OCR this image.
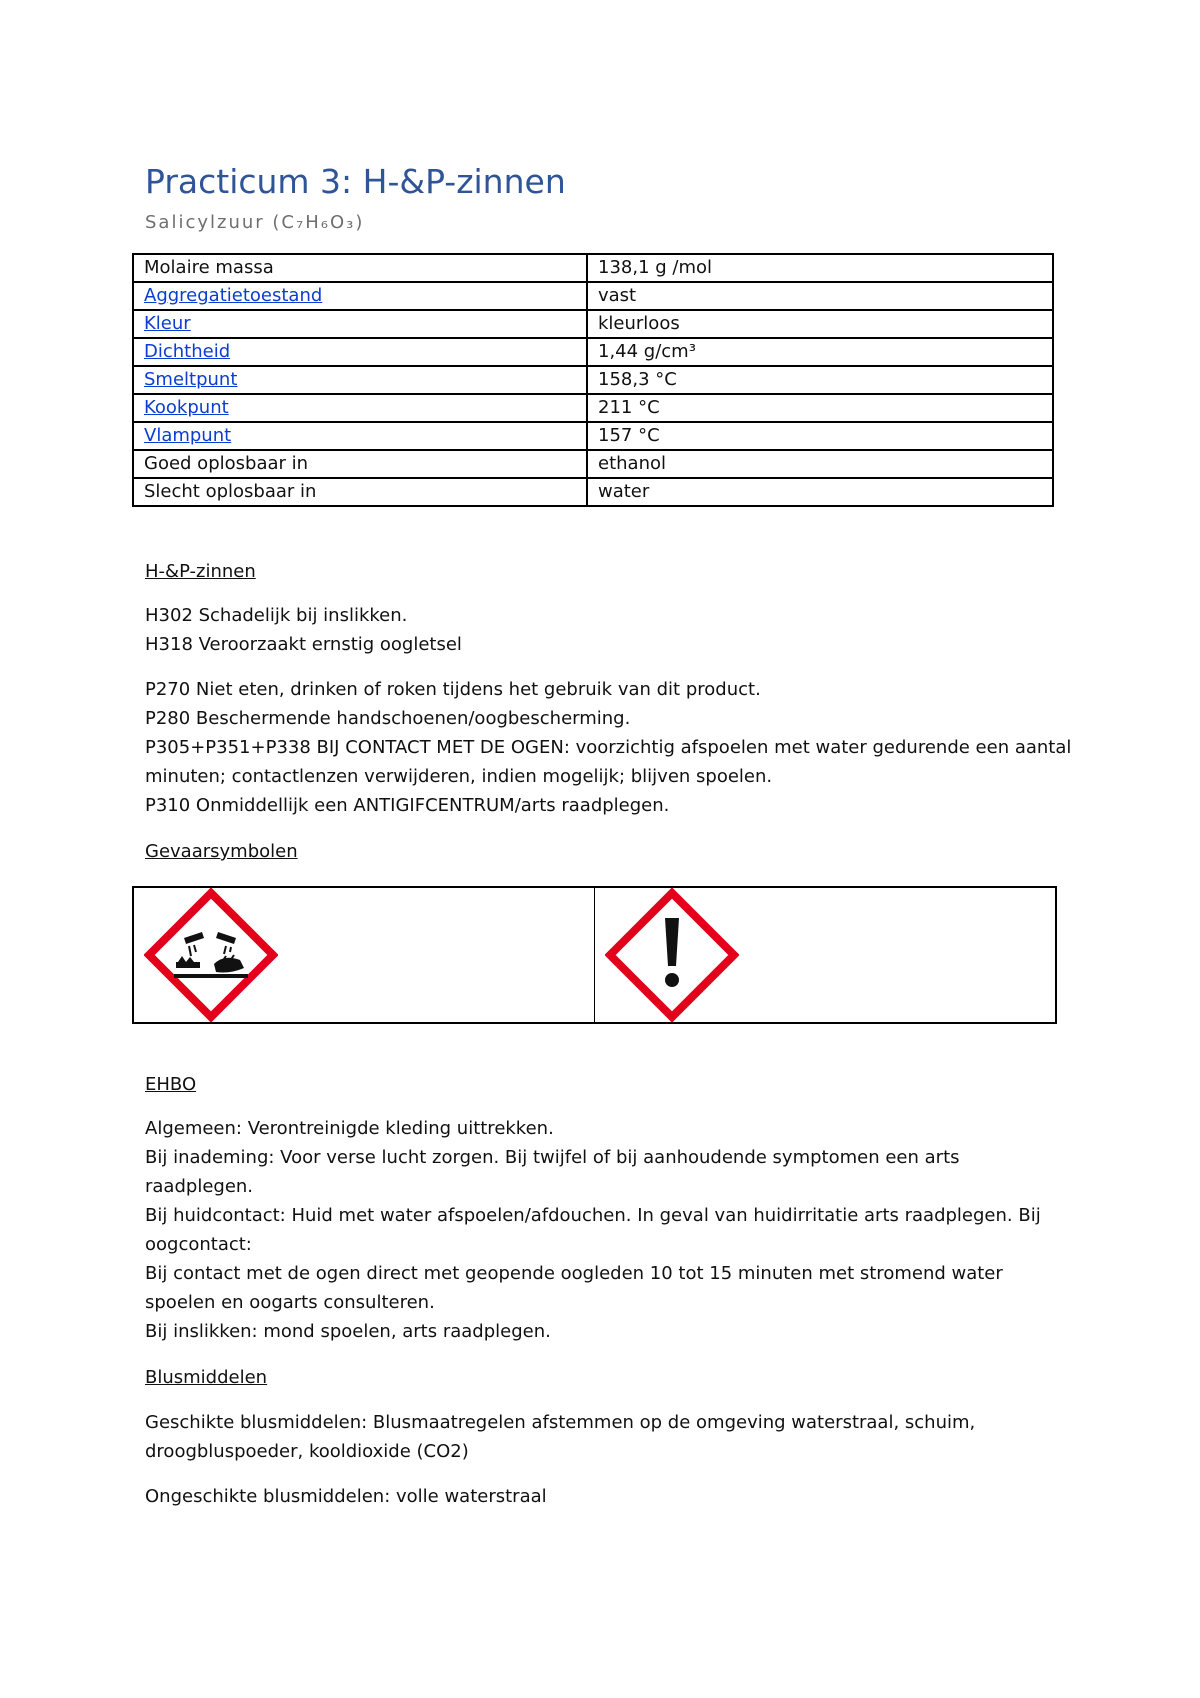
Practicum 3: H-&P-zinnen

Salicylzuur (C₇H₆O₃)

Molaire massa	138,1 g /mol
Aggregatietoestand	vast
Kleur	kleurloos
Dichtheid	1,44 g/cm³
Smeltpunt	158,3 °C
Kookpunt	211 °C
Vlampunt	157 °C
Goed oplosbaar in	ethanol
Slecht oplosbaar in	water

H-&P-zinnen

H302 Schadelijk bij inslikken.

H318 Veroorzaakt ernstig oogletsel

P270 Niet eten, drinken of roken tijdens het gebruik van dit product.

P280 Beschermende handschoenen/oogbescherming.

P305+P351+P338 BIJ CONTACT MET DE OGEN: voorzichtig afspoelen met water gedurende een aantal

minuten; contactlenzen verwijderen, indien mogelijk; blijven spoelen.

P310 Onmiddellijk een ANTIGIFCENTRUM/arts raadplegen.

Gevaarsymbolen

EHBO

Algemeen: Verontreinigde kleding uittrekken.

Bij inademing: Voor verse lucht zorgen. Bij twijfel of bij aanhoudende symptomen een arts

raadplegen.

Bij huidcontact: Huid met water afspoelen/afdouchen. In geval van huidirritatie arts raadplegen. Bij

oogcontact:

Bij contact met de ogen direct met geopende oogleden 10 tot 15 minuten met stromend water

spoelen en oogarts consulteren.

Bij inslikken: mond spoelen, arts raadplegen.

Blusmiddelen

Geschikte blusmiddelen: Blusmaatregelen afstemmen op de omgeving waterstraal, schuim,

droogbluspoeder, kooldioxide (CO2)

Ongeschikte blusmiddelen: volle waterstraal
